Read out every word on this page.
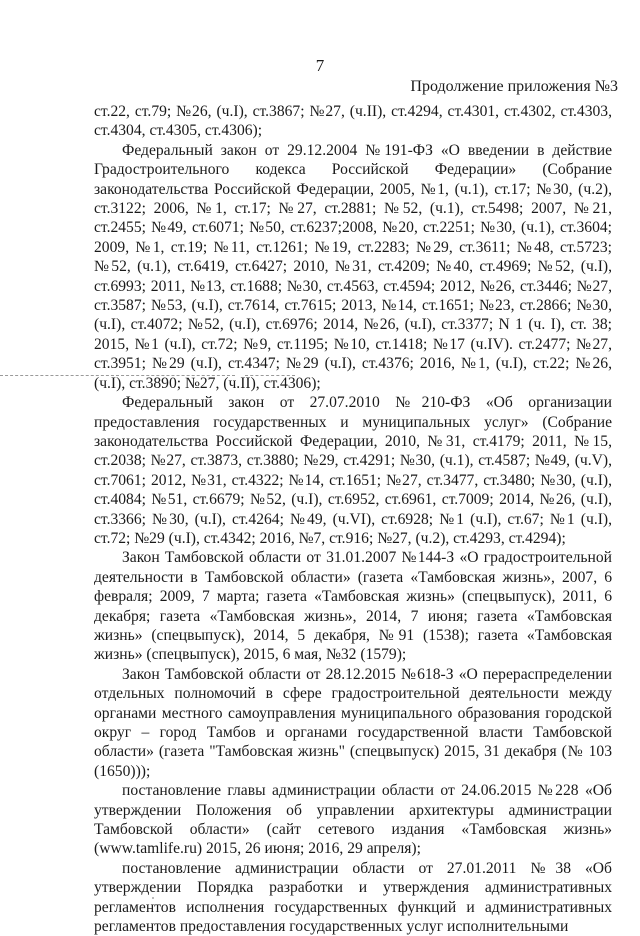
7
Продолжение приложения №3

ст.22, ст.79; №26, (ч.I), ст.3867; №27, (ч.II), ст.4294, ст.4301, ст.4302, ст.4303, ст.4304, ст.4305, ст.4306);

Федеральный закон от 29.12.2004 №191-ФЗ «О введении в действие Градостроительного кодекса Российской Федерации» (Собрание законодательства Российской Федерации, 2005, №1, (ч.1), ст.17; №30, (ч.2), ст.3122; 2006, №1, ст.17; №27, ст.2881; №52, (ч.1), ст.5498; 2007, №21, ст.2455; №49, ст.6071; №50, ст.6237;2008, №20, ст.2251; №30, (ч.1), ст.3604; 2009, №1, ст.19; №11, ст.1261; №19, ст.2283; №29, ст.3611; №48, ст.5723; №52, (ч.1), ст.6419, ст.6427; 2010, №31, ст.4209; №40, ст.4969; №52, (ч.I), ст.6993; 2011, №13, ст.1688; №30, ст.4563, ст.4594; 2012, №26, ст.3446; №27, ст.3587; №53, (ч.I), ст.7614, ст.7615; 2013, №14, ст.1651; №23, ст.2866; №30, (ч.I), ст.4072; №52, (ч.I), ст.6976; 2014, №26, (ч.I), ст.3377; N 1 (ч. I), ст. 38; 2015, №1 (ч.I), ст.72; №9, ст.1195; №10, ст.1418; №17 (ч.IV). ст.2477; №27, ст.3951; №29 (ч.I), ст.4347; №29 (ч.I), ст.4376; 2016, №1, (ч.I), ст.22; №26, (ч.I), ст.3890; №27, (ч.II), ст.4306);

Федеральный закон от 27.07.2010 №210-ФЗ «Об организации предоставления государственных и муниципальных услуг» (Собрание законодательства Российской Федерации, 2010, №31, ст.4179; 2011, №15, ст.2038; №27, ст.3873, ст.3880; №29, ст.4291; №30, (ч.1), ст.4587; №49, (ч.V), ст.7061; 2012, №31, ст.4322; №14, ст.1651; №27, ст.3477, ст.3480; №30, (ч.I), ст.4084; №51, ст.6679; №52, (ч.I), ст.6952, ст.6961, ст.7009; 2014, №26, (ч.I), ст.3366; №30, (ч.I), ст.4264; №49, (ч.VI), ст.6928; №1 (ч.I), ст.67; №1 (ч.I), ст.72; №29 (ч.I), ст.4342; 2016, №7, ст.916; №27, (ч.2), ст.4293, ст.4294);

Закон Тамбовской области от 31.01.2007 №144-З «О градостроительной деятельности в Тамбовской области» (газета «Тамбовская жизнь», 2007, 6 февраля; 2009, 7 марта; газета «Тамбовская жизнь» (спецвыпуск), 2011, 6 декабря; газета «Тамбовская жизнь», 2014, 7 июня; газета «Тамбовская жизнь» (спецвыпуск), 2014, 5 декабря, №91 (1538); газета «Тамбовская жизнь» (спецвыпуск), 2015, 6 мая, №32 (1579);

Закон Тамбовской области от 28.12.2015 №618-З «О перераспределении отдельных полномочий в сфере градостроительной деятельности между органами местного самоуправления муниципального образования городской округ – город Тамбов и органами государственной власти Тамбовской области» (газета "Тамбовская жизнь" (спецвыпуск) 2015, 31 декабря (№ 103 (1650)));

постановление главы администрации области от 24.06.2015 №228 «Об утверждении Положения об управлении архитектуры администрации Тамбовской области» (сайт сетевого издания «Тамбовская жизнь» (www.tamlife.ru) 2015, 26 июня; 2016, 29 апреля);

постановление администрации области от 27.01.2011 №38 «Об утверждении Порядка разработки и утверждения административных регламентов исполнения государственных функций и административных регламентов предоставления государственных услуг исполнительными
